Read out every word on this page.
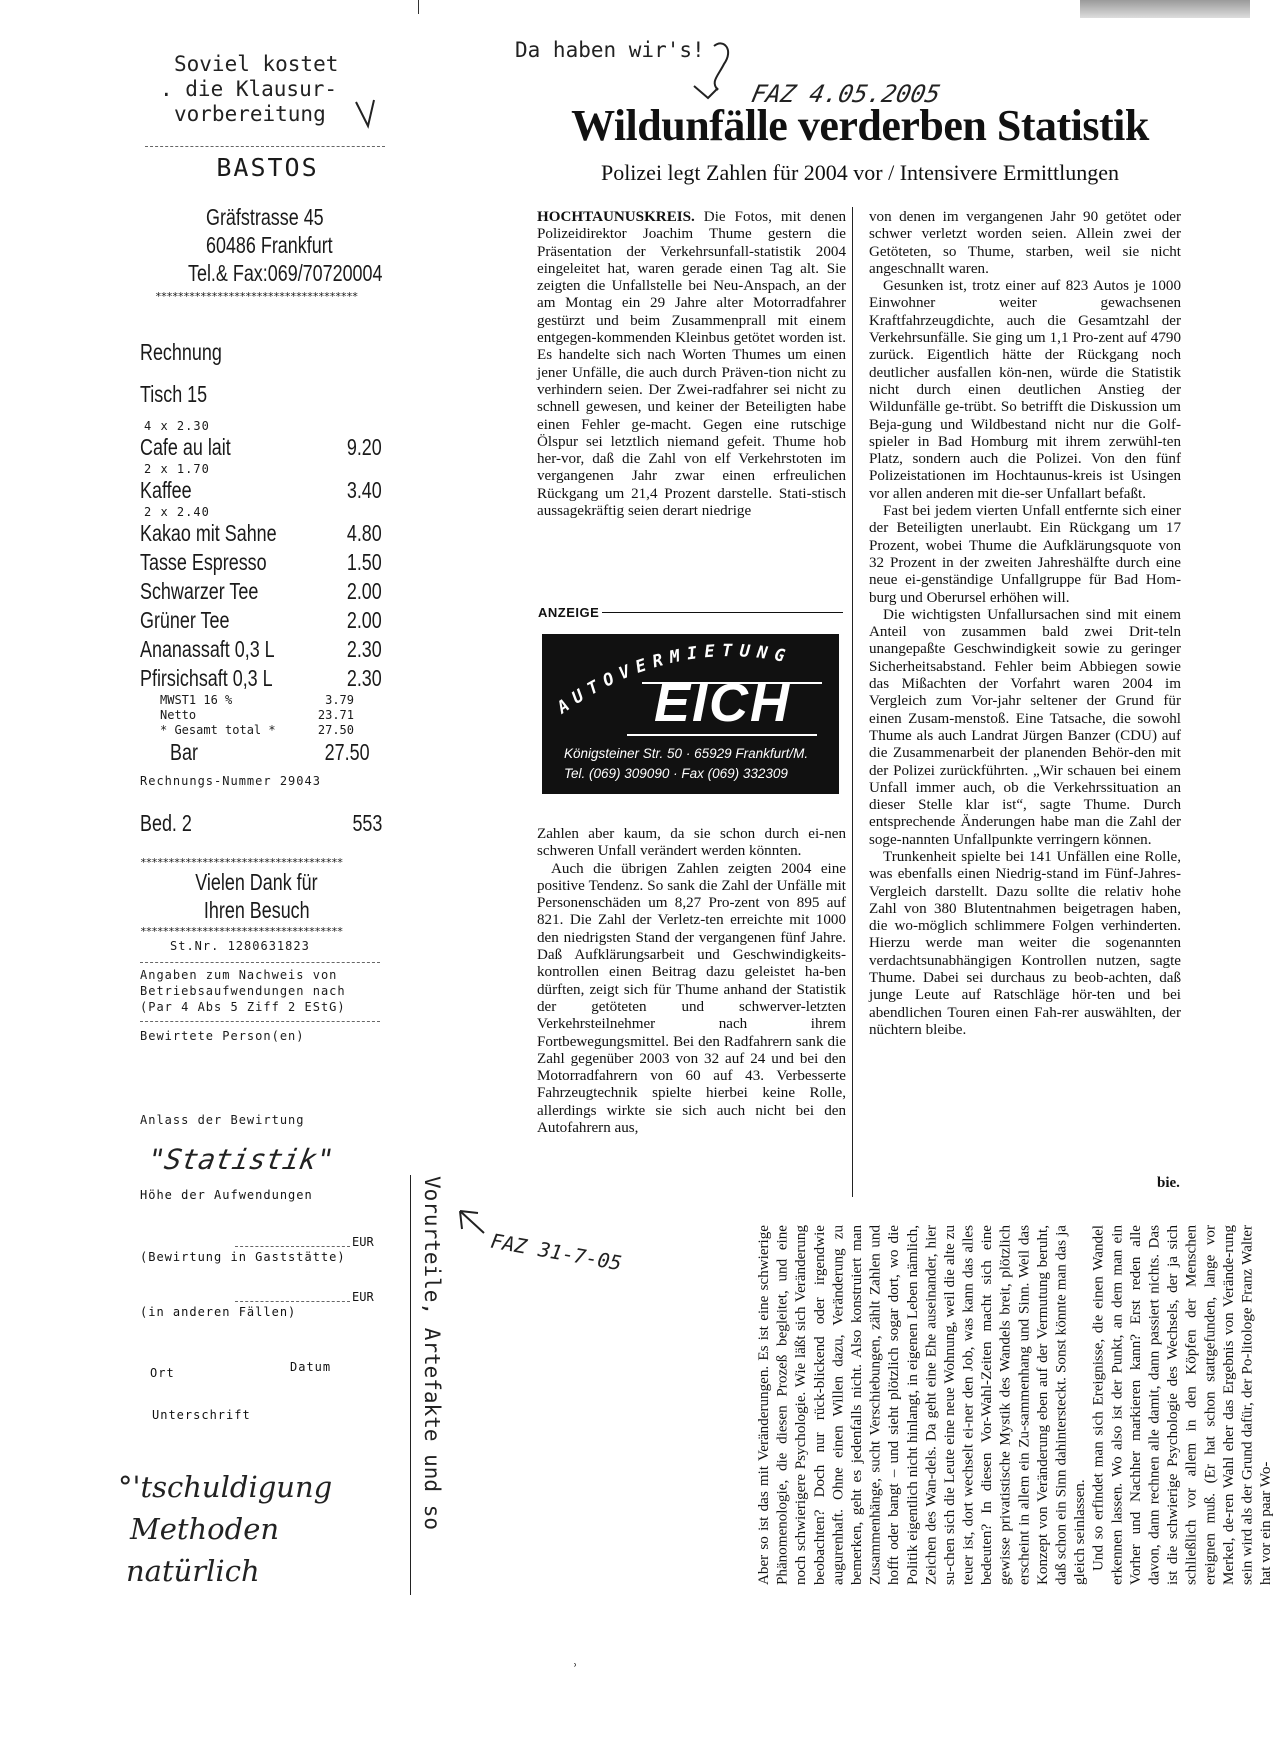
Soviel kostet
. die Klausur-
vorbereitung
Da haben wir's!
FAZ 4.05.2005
BASTOS
Gräfstrasse 45
60486 Frankfurt
Tel.& Fax:069/70720004
************************************
Rechnung
Tisch 15
4 x 2.30
Cafe au lait	9.20
2 x 1.70
Kaffee	3.40
2 x 2.40
Kakao mit Sahne	4.80
Tasse Espresso	1.50
Schwarzer Tee	2.00
Grüner Tee	2.00
Ananassaft 0,3 L	2.30
Pfirsichsaft 0,3 L	2.30
MWST1 16 %	3.79
Netto	23.71
* Gesamt total *	27.50
Bar	27.50
Rechnungs-Nummer 29043
Bed. 2	553
************************************
Vielen Dank für
Ihren Besuch
************************************
St.Nr. 1280631823
Angaben zum Nachweis von
Betriebsaufwendungen nach
(Par 4 Abs 5 Ziff 2 EStG)
Bewirtete Person(en)
Anlass der Bewirtung
"Statistik"
Höhe der Aufwendungen
EUR
(Bewirtung in Gaststätte)
EUR
(in anderen Fällen)
Ort	Datum
Unterschrift
°'tschuldigung
Methoden
natürlich
Wildunfälle verderben Statistik
Polizei legt Zahlen für 2004 vor / Intensivere Ermittlungen

HOCHTAUNUSKREIS. Die Fotos, mit denen Polizeidirektor Joachim Thume gestern die Präsentation der Verkehrsunfall-statistik 2004 eingeleitet hat, waren gerade einen Tag alt. Sie zeigten die Unfallstelle bei Neu-Anspach, an der am Montag ein 29 Jahre alter Motorradfahrer gestürzt und beim Zusammenprall mit einem entgegen-kommenden Kleinbus getötet worden ist. Es handelte sich nach Worten Thumes um einen jener Unfälle, die auch durch Präven-tion nicht zu verhindern seien. Der Zwei-radfahrer sei nicht zu schnell gewesen, und keiner der Beteiligten habe einen Fehler ge-macht. Gegen eine rutschige Ölspur sei letztlich niemand gefeit. Thume hob her-vor, daß die Zahl von elf Verkehrstoten im vergangenen Jahr zwar einen erfreulichen Rückgang um 21,4 Prozent darstelle. Stati-stisch aussagekräftig seien derart niedrige

ANZEIGE
AUTOVERMIETUNG
EICH
Königsteiner Str. 50 · 65929 Frankfurt/M.
Tel. (069) 309090 · Fax (069) 332309

Zahlen aber kaum, da sie schon durch ei-nen schweren Unfall verändert werden könnten.

Auch die übrigen Zahlen zeigten 2004 eine positive Tendenz. So sank die Zahl der Unfälle mit Personenschäden um 8,27 Pro-zent von 895 auf 821. Die Zahl der Verletz-ten erreichte mit 1000 den niedrigsten Stand der vergangenen fünf Jahre. Daß Aufklärungsarbeit und Geschwindigkeits-kontrollen einen Beitrag dazu geleistet ha-ben dürften, zeigt sich für Thume anhand der Statistik der getöteten und schwerver-letzten Verkehrsteilnehmer nach ihrem Fortbewegungsmittel. Bei den Radfahrern sank die Zahl gegenüber 2003 von 32 auf 24 und bei den Motorradfahrern von 60 auf 43. Verbesserte Fahrzeugtechnik spielte hierbei keine Rolle, allerdings wirkte sie sich auch nicht bei den Autofahrern aus,

von denen im vergangenen Jahr 90 getötet oder schwer verletzt worden seien. Allein zwei der Getöteten, so Thume, starben, weil sie nicht angeschnallt waren.

Gesunken ist, trotz einer auf 823 Autos je 1000 Einwohner weiter gewachsenen Kraftfahrzeugdichte, auch die Gesamtzahl der Verkehrsunfälle. Sie ging um 1,1 Pro-zent auf 4790 zurück. Eigentlich hätte der Rückgang noch deutlicher ausfallen kön-nen, würde die Statistik nicht durch einen deutlichen Anstieg der Wildunfälle ge-trübt. So betrifft die Diskussion um Beja-gung und Wildbestand nicht nur die Golf-spieler in Bad Homburg mit ihrem zerwühl-ten Platz, sondern auch die Polizei. Von den fünf Polizeistationen im Hochtaunus-kreis ist Usingen vor allen anderen mit die-ser Unfallart befaßt.

Fast bei jedem vierten Unfall entfernte sich einer der Beteiligten unerlaubt. Ein Rückgang um 17 Prozent, wobei Thume die Aufklärungsquote von 32 Prozent in der zweiten Jahreshälfte durch eine neue ei-genständige Unfallgruppe für Bad Hom-burg und Oberursel erhöhen will.

Die wichtigsten Unfallursachen sind mit einem Anteil von zusammen bald zwei Drit-teln unangepaßte Geschwindigkeit sowie zu geringer Sicherheitsabstand. Fehler beim Abbiegen sowie das Mißachten der Vorfahrt waren 2004 im Vergleich zum Vor-jahr seltener der Grund für einen Zusam-menstoß. Eine Tatsache, die sowohl Thume als auch Landrat Jürgen Banzer (CDU) auf die Zusammenarbeit der planenden Behör-den mit der Polizei zurückführten. „Wir schauen bei einem Unfall immer auch, ob die Verkehrssituation an dieser Stelle klar ist“, sagte Thume. Durch entsprechende Änderungen habe man die Zahl der soge-nannten Unfallpunkte verringern können.

Trunkenheit spielte bei 141 Unfällen eine Rolle, was ebenfalls einen Niedrig-stand im Fünf-Jahres-Vergleich darstellt. Dazu sollte die relativ hohe Zahl von 380 Blutentnahmen beigetragen haben, die wo-möglich schlimmere Folgen verhinderten. Hierzu werde man weiter die sogenannten verdachtsunabhängigen Kontrollen nutzen, sagte Thume. Dabei sei durchaus zu beob-achten, daß junge Leute auf Ratschläge hör-ten und bei abendlichen Touren einen Fah-rer auswählten, der nüchtern bleibe.

bie.

Aber so ist das mit Veränderungen. Es ist eine schwierige Phänomenologie, die diesen Prozeß begleitet, und eine noch schwierigere Psychologie. Wie läßt sich Veränderung beobachten? Doch nur rück-blickend oder irgendwie augurenhaft. Ohne einen Willen dazu, Veränderung zu bemerken, geht es jedenfalls nicht. Also konstruiert man Zusammenhänge, sucht Verschiebungen, zählt Zahlen und hofft oder bangt – und sieht plötzlich sogar dort, wo die Politik eigentlich nicht hinlangt, in eigenen Leben nämlich, Zeichen des Wan-dels. Da geht eine Ehe auseinander, hier su-chen sich die Leute eine neue Wohnung, weil die alte zu teuer ist, dort wechselt ei-ner den Job, was kann das alles bedeuten? In diesen Vor-Wahl-Zeiten macht sich eine gewisse privatistische Mystik des Wandels breit, plötzlich erscheint in allem ein Zu-sammenhang und Sinn. Weil das Konzept von Veränderung eben auf der Vermutung beruht, daß schon ein Sinn dahintersteckt. Sonst könnte man das ja gleich seinlassen. Und so erfindet man sich Ereignisse, die einen Wandel erkennen lassen. Wo also ist der Punkt, an dem man ein Vorher und Nachher markieren kann? Erst reden alle davon, dann rechnen alle damit, dann passiert nichts. Das ist die schwierige Psychologie des Wechsels, der ja sich schließlich vor allem in den Köpfen der Menschen ereignen muß. (Er hat schon stattgefunden, lange vor Merkel, de-ren Wahl eher das Ergebnis von Verände-rung sein wird als der Grund dafür, der Po-litologe Franz Walter hat vor ein paar Wo-

Vorurteile, Artefakte und so FAZ 31-7-05
ʾ
